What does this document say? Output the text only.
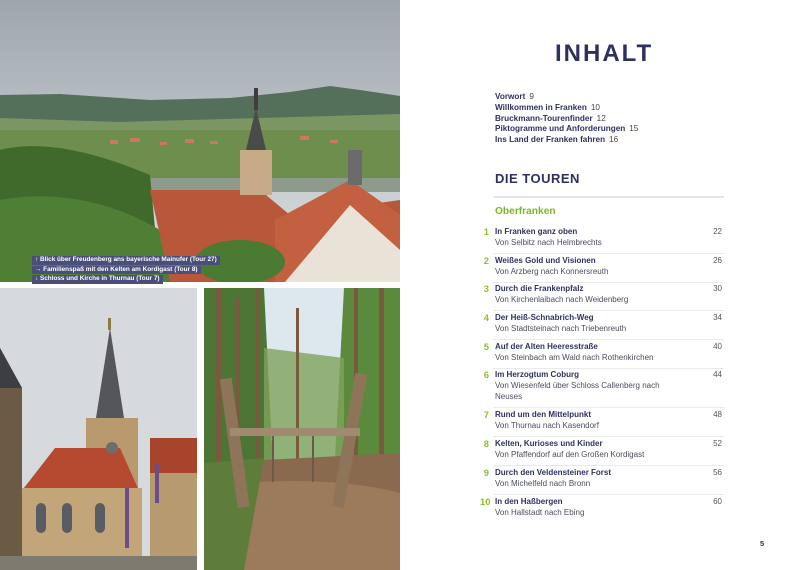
↑ Blick über Freudenberg ans bayerische Mainufer (Tour 27)
→ Familienspaß mit den Kelten am Kordigast (Tour 8)
↓ Schloss und Kirche in Thurnau (Tour 7)
INHALT
Vorwort 9
Willkommen in Franken 10
Bruckmann-Tourenfinder 12
Piktogramme und Anforderungen 15
Ins Land der Franken fahren 16
DIE TOUREN
Oberfranken
1 In Franken ganz oben	22
Von Selbitz nach Helmbrechts
2 Weißes Gold und Visionen	26
Von Arzberg nach Konnersreuth
3 Durch die Frankenpfalz	30
Von Kirchenlaibach nach Weidenberg
4 Der Heiß-Schnabrich-Weg	34
Von Stadtsteinach nach Triebenreuth
5 Auf der Alten Heeresstraße	40
Von Steinbach am Wald nach Rothenkirchen
6 Im Herzogtum Coburg	44
Von Wiesenfeld über Schloss Callenberg nach Neuses
7 Rund um den Mittelpunkt	48
Von Thurnau nach Kasendorf
8 Kelten, Kurioses und Kinder	52
Von Pfaffendorf auf den Großen Kordigast
9 Durch den Veldensteiner Forst	56
Von Michelfeld nach Bronn
10 In den Haßbergen	60
Von Hallstadt nach Ebing
5
